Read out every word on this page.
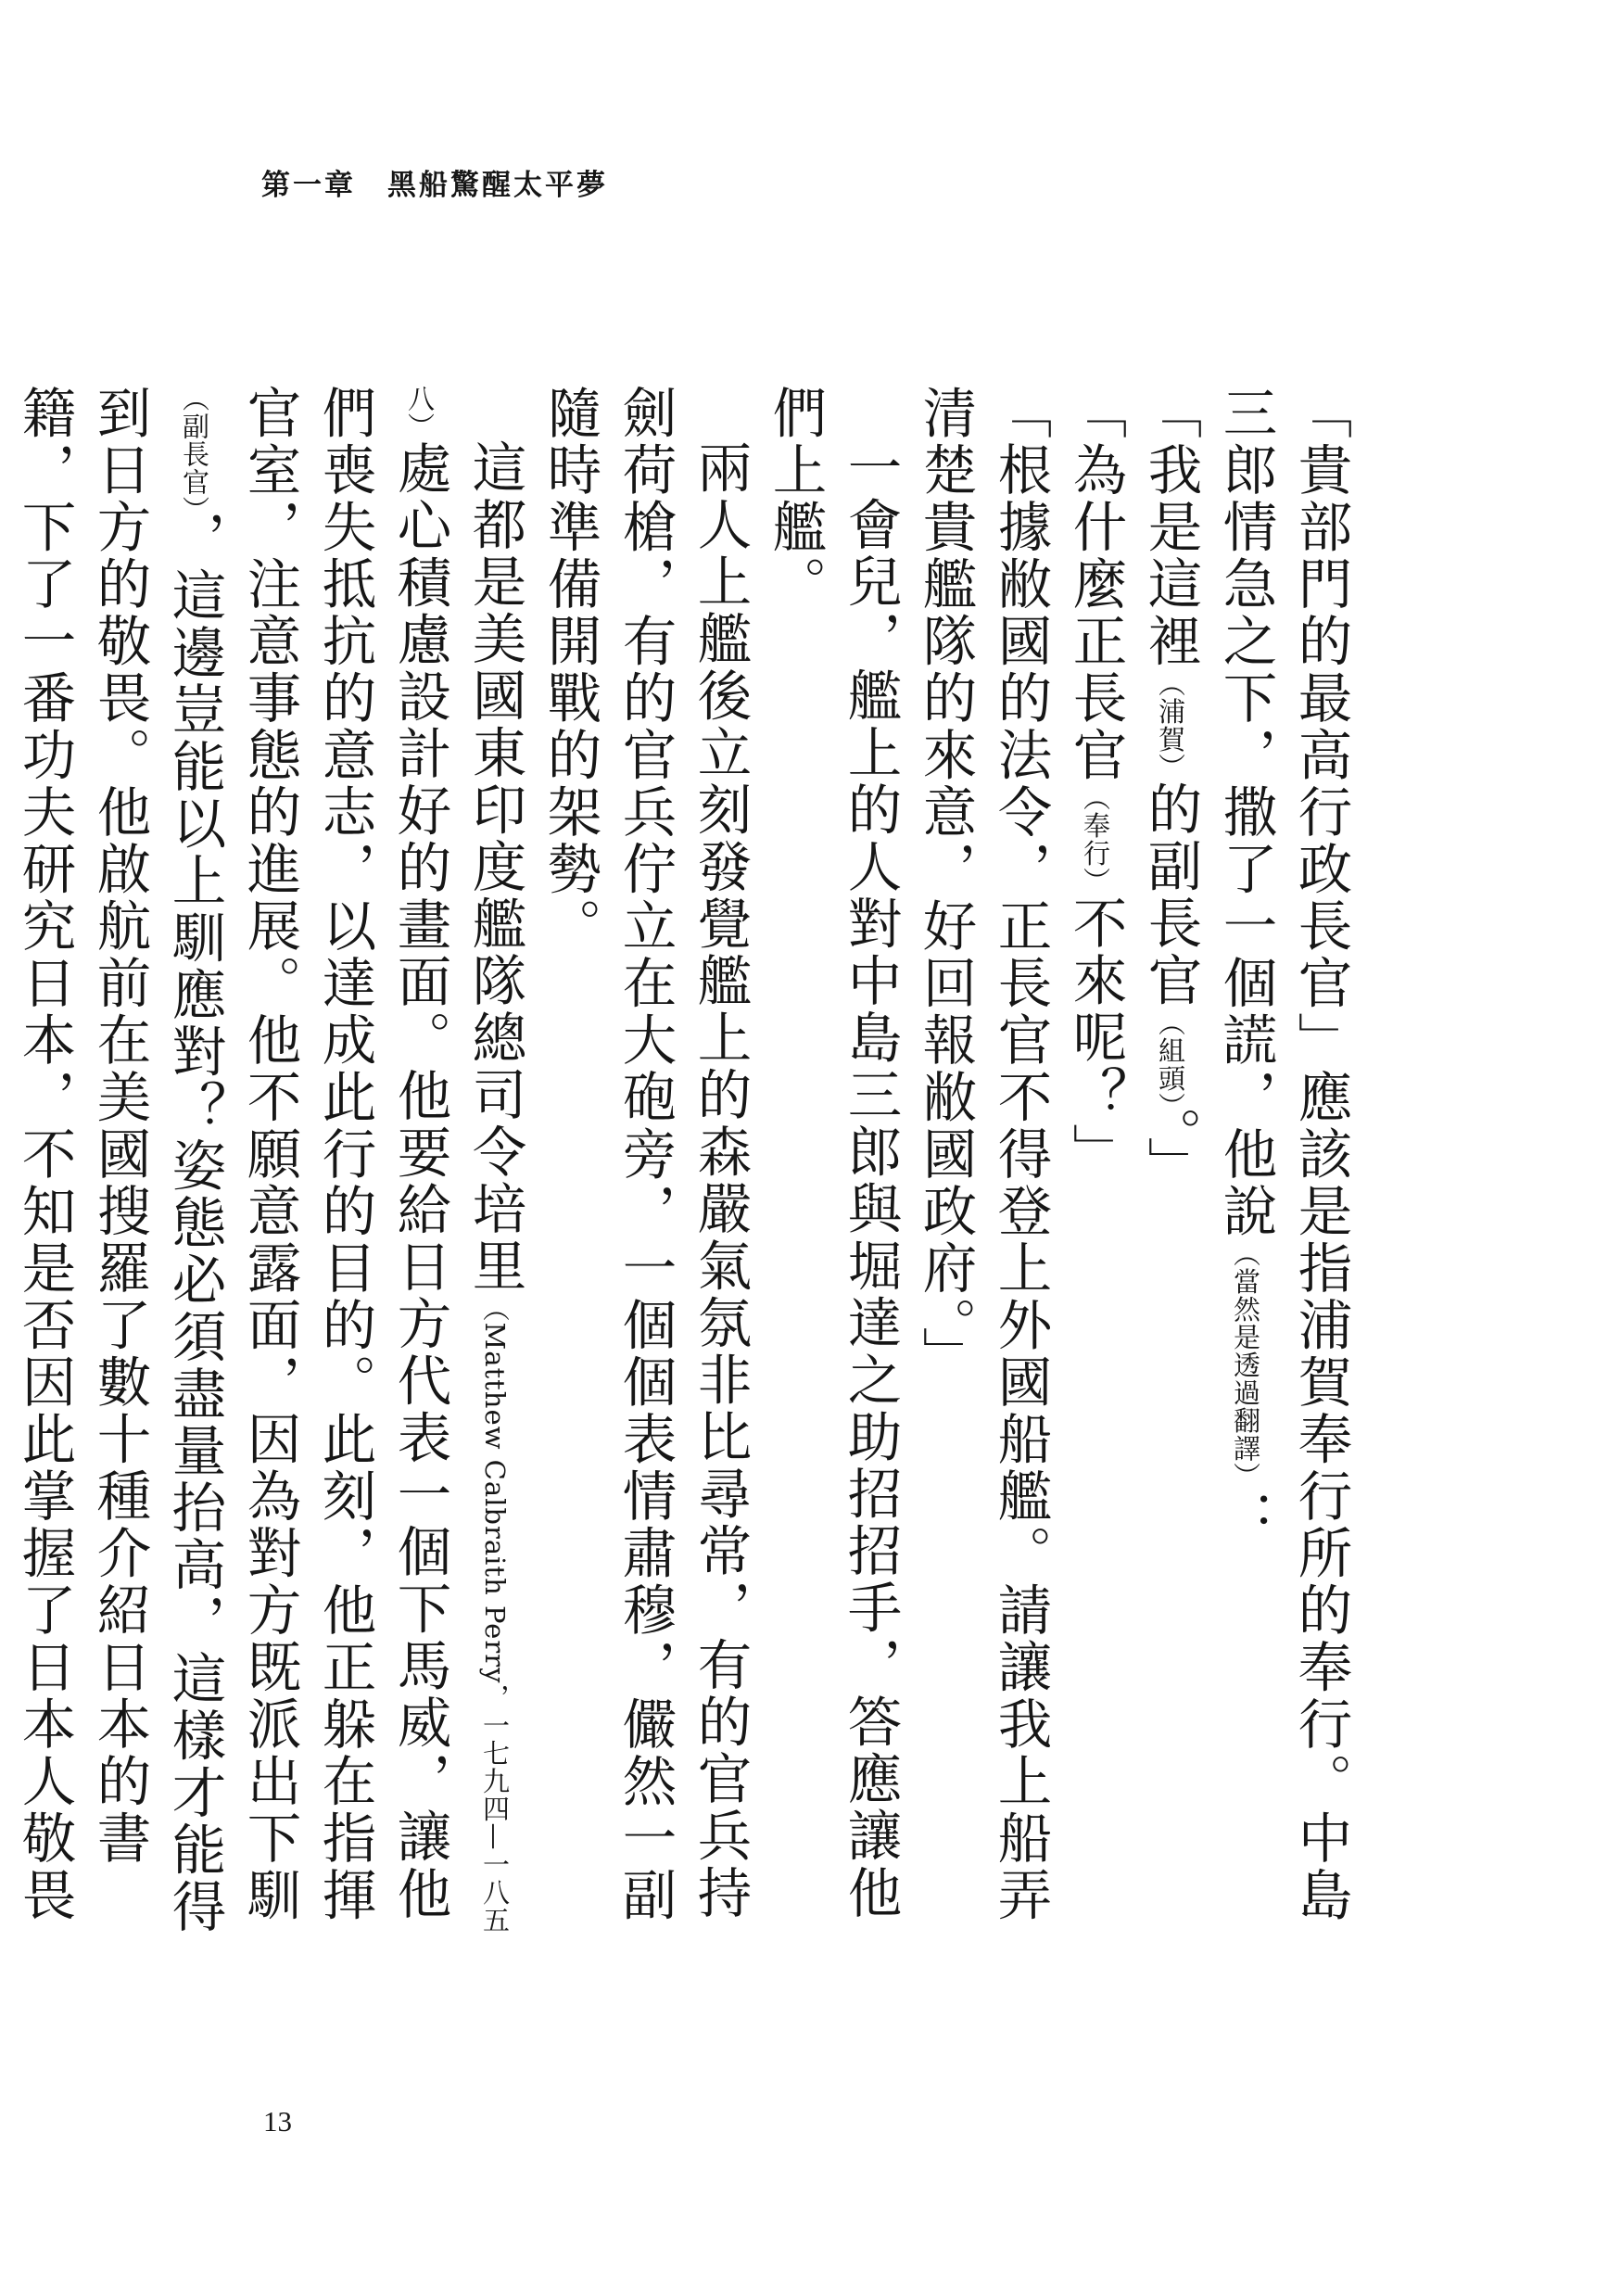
第一章　黑船驚醒太平夢

「貴部門的最高行政長官」應該是指浦賀奉行所的奉行。中島三郎情急之下，撒了一個謊，他說（當然是透過翻譯）：

「我是這裡（浦賀）的副長官（組頭）。」

「為什麼正長官（奉行）不來呢？」

「根據敝國的法令，正長官不得登上外國船艦。請讓我上船弄清楚貴艦隊的來意，好回報敝國政府。」

一會兒，艦上的人對中島三郎與堀達之助招招手，答應讓他們上艦。

兩人上艦後立刻發覺艦上的森嚴氣氛非比尋常，有的官兵持劍荷槍，有的官兵佇立在大砲旁，一個個表情肅穆，儼然一副隨時準備開戰的架勢。

這都是美國東印度艦隊總司令培里（Matthew Calbraith Perry，一七九四—一八五八）處心積慮設計好的畫面。他要給日方代表一個下馬威，讓他們喪失抵抗的意志，以達成此行的目的。此刻，他正躲在指揮官室，注意事態的進展。他不願意露面，因為對方既派出下馴（副長官），這邊豈能以上馴應對？姿態必須盡量抬高，這樣才能得到日方的敬畏。他啟航前在美國搜羅了數十種介紹日本的書籍，下了一番功夫研究日本，不知是否因此掌握了日本人敬畏

13
